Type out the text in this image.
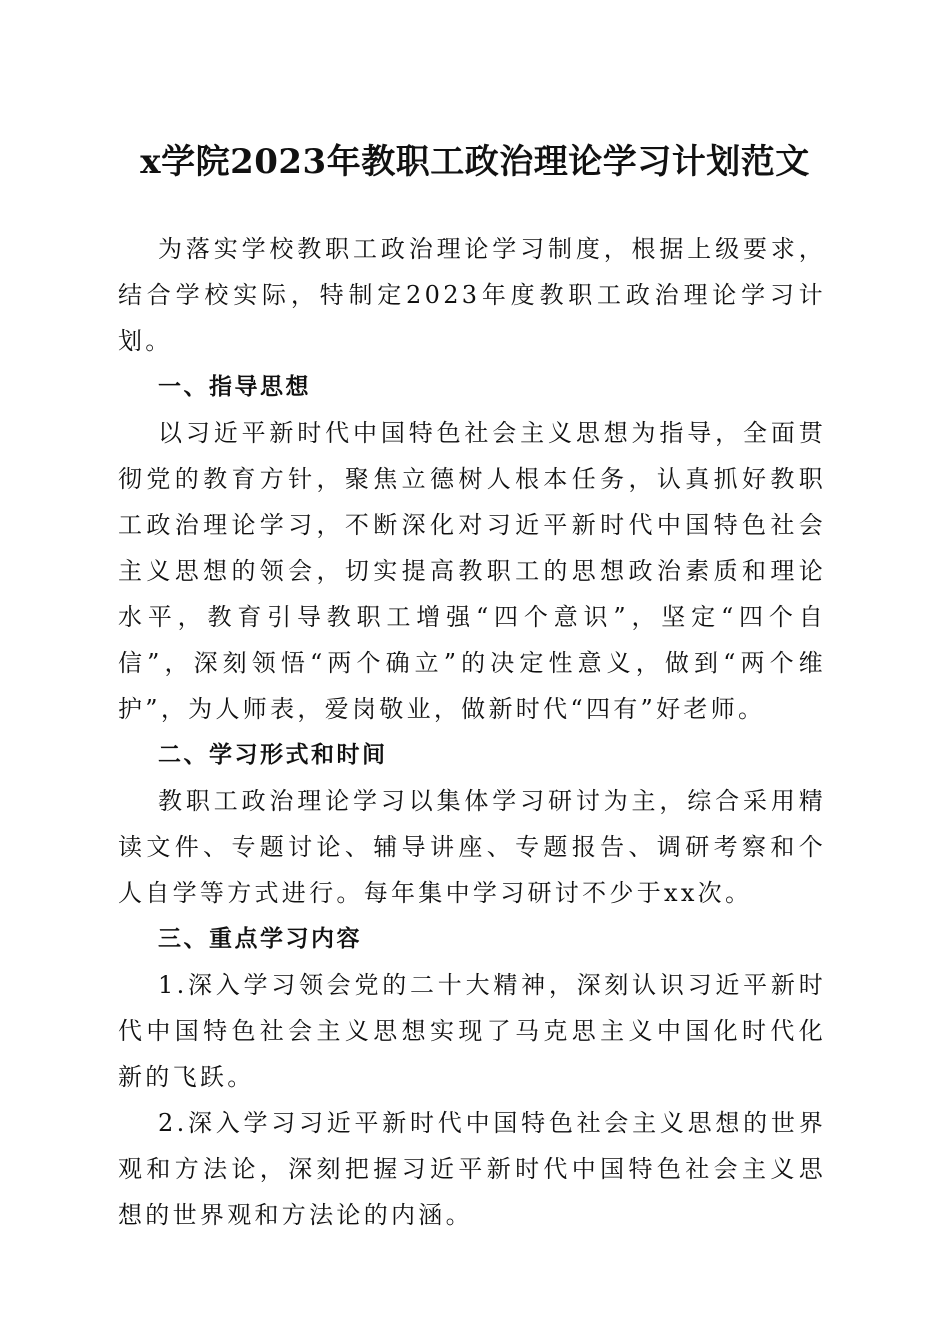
x学院2023年教职工政治理论学习计划范文

为落实学校教职工政治理论学习制度，根据上级要求，结合学校实际，特制定2023年度教职工政治理论学习计划。

一、指导思想

以习近平新时代中国特色社会主义思想为指导，全面贯彻党的教育方针，聚焦立德树人根本任务，认真抓好教职工政治理论学习，不断深化对习近平新时代中国特色社会主义思想的领会，切实提高教职工的思想政治素质和理论水平，教育引导教职工增强“四个意识”，坚定“四个自信”，深刻领悟“两个确立”的决定性意义，做到“两个维护”，为人师表，爱岗敬业，做新时代“四有”好老师。

二、学习形式和时间

教职工政治理论学习以集体学习研讨为主，综合采用精读文件、专题讨论、辅导讲座、专题报告、调研考察和个人自学等方式进行。每年集中学习研讨不少于xx次。

三、重点学习内容

1.深入学习领会党的二十大精神，深刻认识习近平新时代中国特色社会主义思想实现了马克思主义中国化时代化新的飞跃。

2.深入学习习近平新时代中国特色社会主义思想的世界观和方法论，深刻把握习近平新时代中国特色社会主义思想的世界观和方法论的内涵。
